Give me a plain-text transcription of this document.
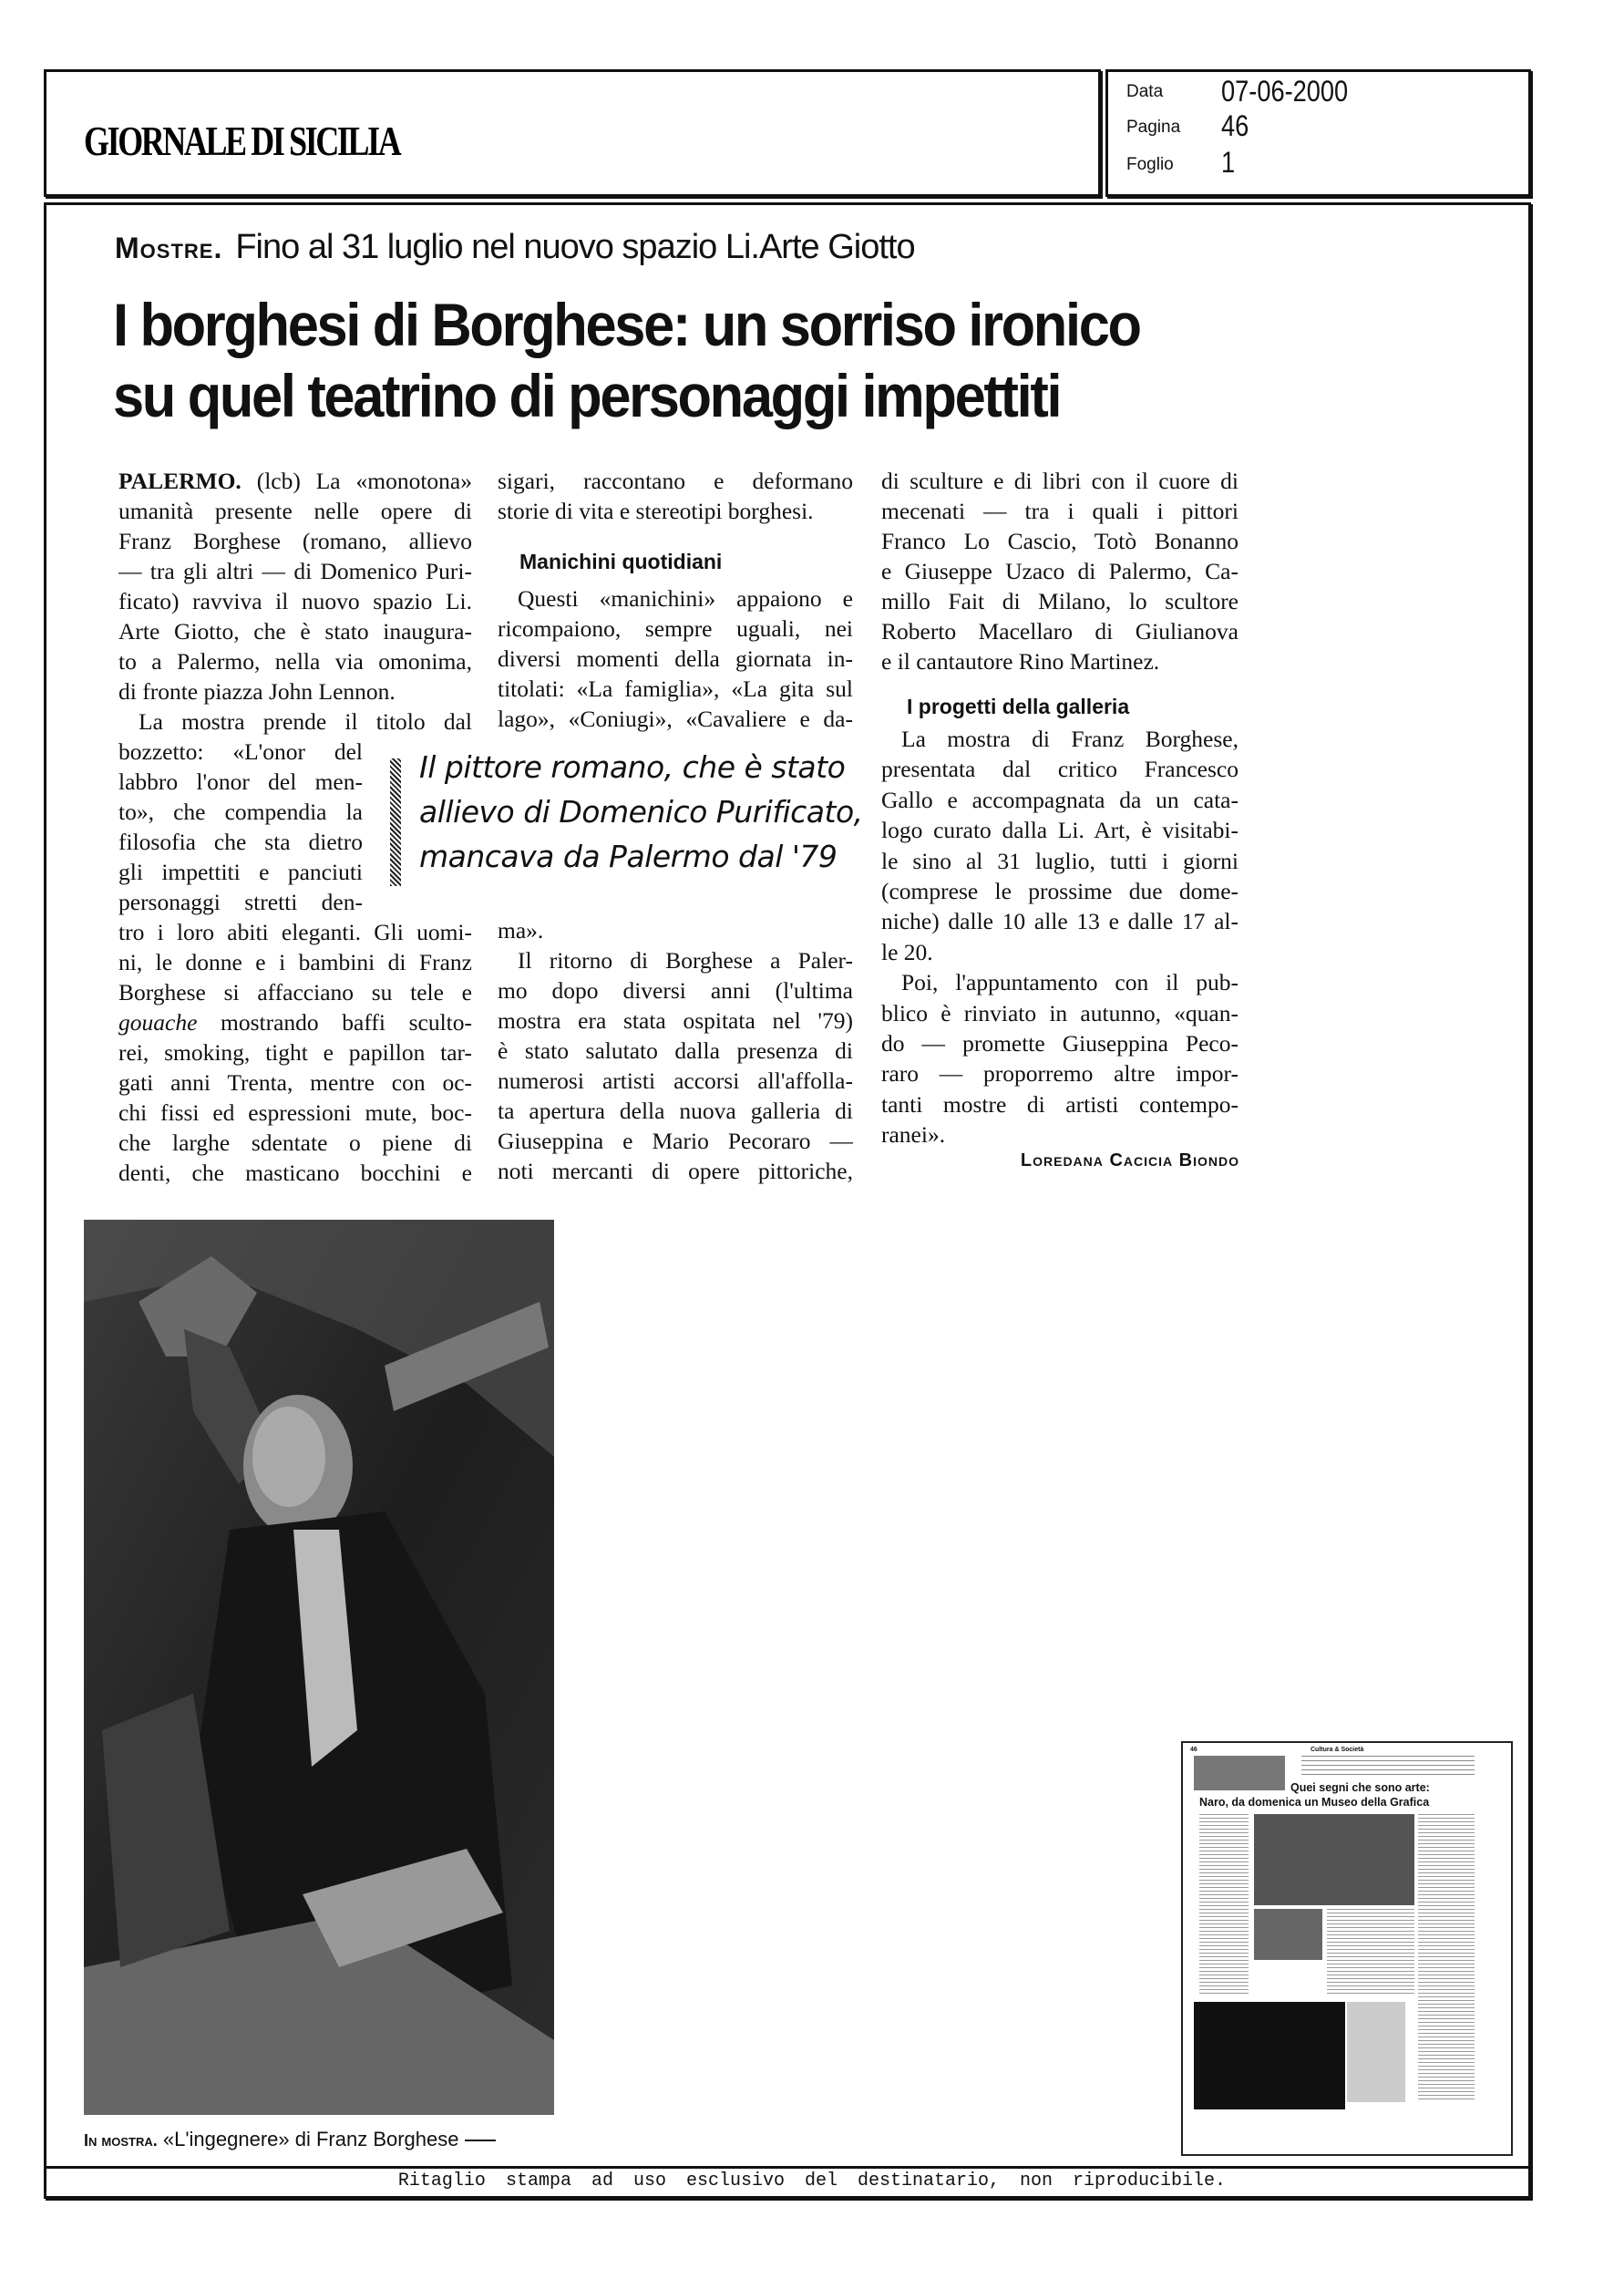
GIORNALE DI SICILIA
Data 07-06-2000
Pagina 46
Foglio 1
Mostre. Fino al 31 luglio nel nuovo spazio Li.Arte Giotto
I borghesi di Borghese: un sorriso ironico
su quel teatrino di personaggi impettiti
PALERMO. (lcb) La «monotona»
umanità presente nelle opere di
Franz Borghese (romano, allievo
— tra gli altri — di Domenico Puri-
ficato) ravviva il nuovo spazio Li.
Arte Giotto, che è stato inaugura-
to a Palermo, nella via omonima,
di fronte piazza John Lennon.
La mostra prende il titolo dal
bozzetto: «L'onor del
labbro l'onor del men-
to», che compendia la
filosofia che sta dietro
gli impettiti e panciuti
personaggi stretti den-
tro i loro abiti eleganti. Gli uomi-
ni, le donne e i bambini di Franz
Borghese si affacciano su tele e
gouache mostrando baffi sculto-
rei, smoking, tight e papillon tar-
gati anni Trenta, mentre con oc-
chi fissi ed espressioni mute, boc-
che larghe sdentate o piene di
denti, che masticano bocchini e
sigari, raccontano e deformano
storie di vita e stereotipi borghesi.
Questi «manichini» appaiono e
ricompaiono, sempre uguali, nei
diversi momenti della giornata in-
titolati: «La famiglia», «La gita sul
lago», «Coniugi», «Cavaliere e da-
ma».
Il ritorno di Borghese a Paler-
mo dopo diversi anni (l'ultima
mostra era stata ospitata nel '79)
è stato salutato dalla presenza di
numerosi artisti accorsi all'affolla-
ta apertura della nuova galleria di
Giuseppina e Mario Pecoraro —
noti mercanti di opere pittoriche,
di sculture e di libri con il cuore di
mecenati — tra i quali i pittori
Franco Lo Cascio, Totò Bonanno
e Giuseppe Uzaco di Palermo, Ca-
millo Fait di Milano, lo scultore
Roberto Macellaro di Giulianova
e il cantautore Rino Martinez.
La mostra di Franz Borghese,
presentata dal critico Francesco
Gallo e accompagnata da un cata-
logo curato dalla Li. Art, è visitabi-
le sino al 31 luglio, tutti i giorni
(comprese le prossime due dome-
niche) dalle 10 alle 13 e dalle 17 al-
le 20.
Poi, l'appuntamento con il pub-
blico è rinviato in autunno, «quan-
do — promette Giuseppina Peco-
raro — proporremo altre impor-
tanti mostre di artisti contempo-
ranei».
Il pittore romano, che è stato
allievo di Domenico Purificato,
mancava da Palermo dal '79
Manichini quotidiani
I progetti della galleria
Loredana Cacicia Biondo
In mostra. «L'ingegnere» di Franz Borghese
46	Cultura & Società
Quei segni che sono arte:
Naro, da domenica un Museo della Grafica
Ritaglio stampa ad uso esclusivo del destinatario, non riproducibile.
